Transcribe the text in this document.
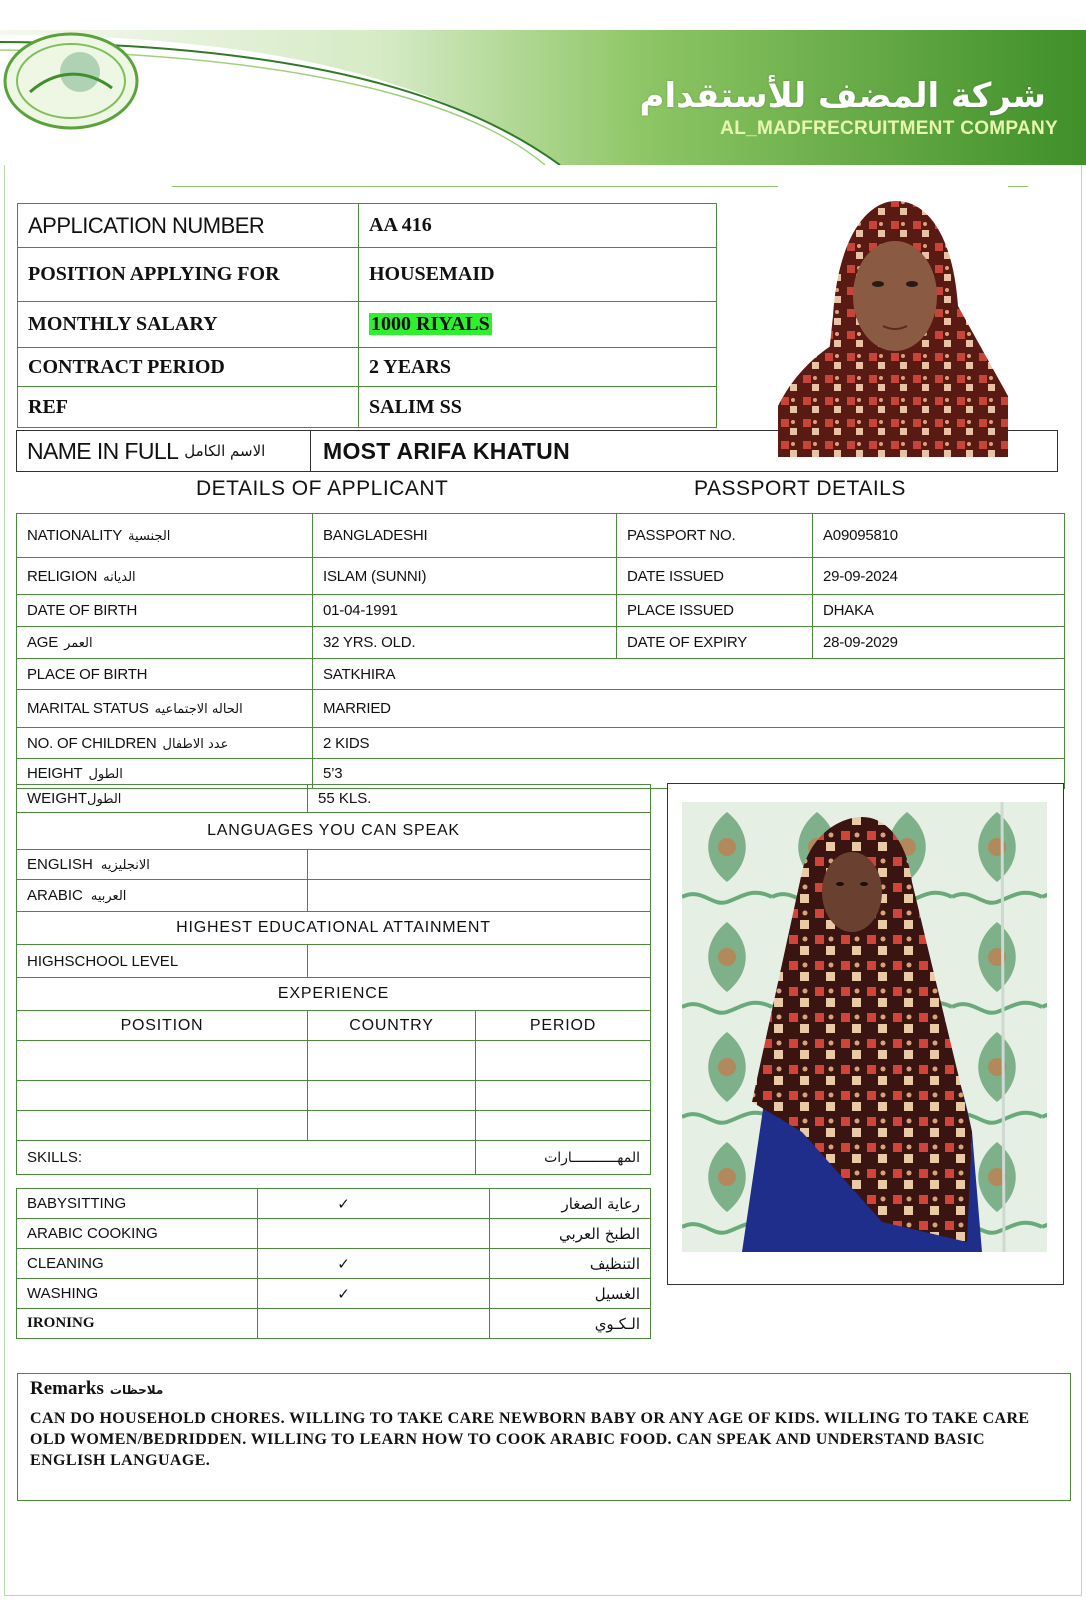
شركة المضف للأستقدام
AL_MADFRECRUITMENT COMPANY
APPLICATION NUMBER	AA 416
POSITION APPLYING FOR	HOUSEMAID
MONTHLY SALARY	1000 RIYALS
CONTRACT PERIOD	2 YEARS
REF	SALIM SS
NAME IN FULL الاسم الكامل	MOST ARIFA KHATUN
DETAILS OF APPLICANT	PASSPORT DETAILS
NATIONALITY الجنسية	BANGLADESHI	PASSPORT NO.	A09095810
RELIGION الديانه	ISLAM (SUNNI)	DATE ISSUED	29-09-2024
DATE OF BIRTH	01-04-1991	PLACE ISSUED	DHAKA
AGE العمر	32 YRS. OLD.	DATE OF EXPIRY	28-09-2029
PLACE OF BIRTH	SATKHIRA		
MARITAL STATUS الحاله الاجتماعيه	MARRIED		
NO. OF CHILDREN عدد الاطفال	2 KIDS		
HEIGHT الطول	5’3		
WEIGHTالطول	55 KLS.	
LANGUAGES YOU CAN SPEAK		
ENGLISH الانجليزيه		
ARABIC العربيه		
HIGHEST EDUCATIONAL ATTAINMENT		
HIGHSCHOOL LEVEL		
EXPERIENCE		
POSITION	COUNTRY	PERIOD

SKILLS:		المهـــــــــــارات
BABYSITTING	✓	رعاية الصغار
ARABIC COOKING		الطبخ العربي
CLEANING	✓	التنظيف
WASHING	✓	الغسيل
IRONING		الـكـوي
Remarks ملاحظات
CAN DO HOUSEHOLD CHORES. WILLING TO TAKE CARE NEWBORN BABY OR ANY AGE OF KIDS. WILLING TO TAKE CARE OLD WOMEN/BEDRIDDEN. WILLING TO LEARN HOW TO COOK ARABIC FOOD. CAN SPEAK AND UNDERSTAND BASIC ENGLISH LANGUAGE.
